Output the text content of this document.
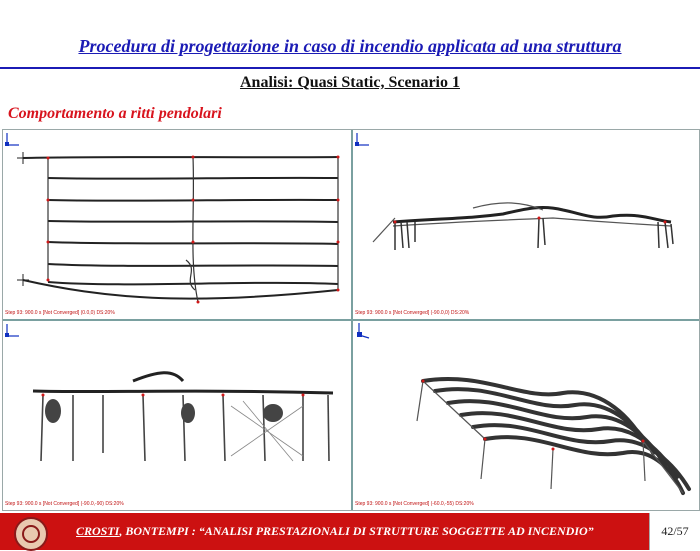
Procedura di progettazione in caso di incendio applicata ad una struttura
Analisi: Quasi Static, Scenario 1
Comportamento a ritti pendolari
Step 93: 900.0 s [Not Converged] (0.0,0) DS:20%	Step 93: 900.0 s [Not Converged] (-90.0,0) DS:20%
Step 93: 900.0 s [Not Converged] (-90.0,-90) DS:20%	Step 93: 900.0 s [Not Converged] (-60.0,-55) DS:20%
CROSTI, BONTEMPI : “ANALISI PRESTAZIONALI DI STRUTTURE SOGGETTE AD INCENDIO”	42/57
